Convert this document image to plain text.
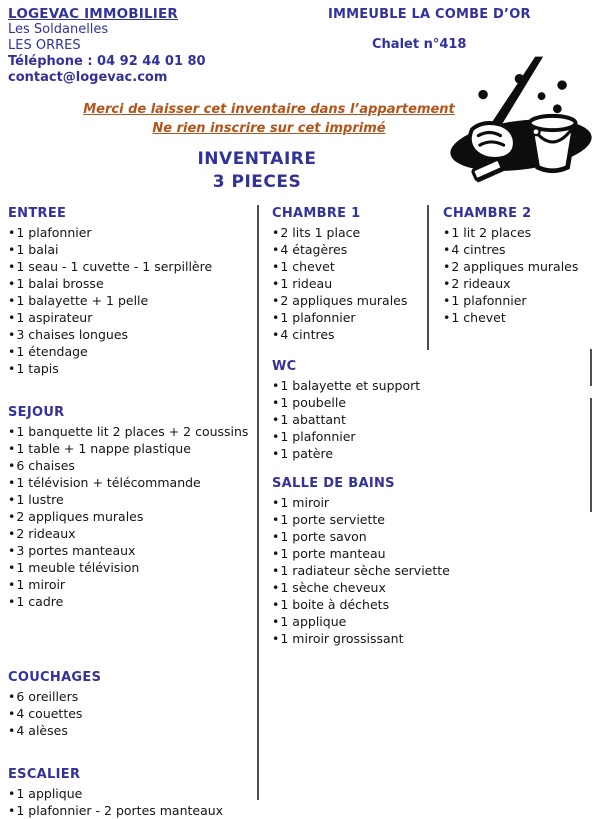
LOGEVAC IMMOBILIER
Les Soldanelles
LES ORRES
Téléphone : 04 92 44 01 80
contact@logevac.com
IMMEUBLE LA COMBE D’OR
Chalet n°418
Merci de laisser cet inventaire dans l’appartement
Ne rien inscrire sur cet imprimé
INVENTAIRE
3 PIECES
ENTREE
• 1 plafonnier
• 1 balai
• 1 seau - 1 cuvette - 1 serpillère
• 1 balai brosse
• 1 balayette + 1 pelle
• 1 aspirateur
• 3 chaises longues
• 1 étendage
• 1 tapis
SEJOUR
• 1 banquette lit 2 places + 2 coussins
• 1 table + 1 nappe plastique
• 6 chaises
• 1 télévision + télécommande
• 1 lustre
• 2 appliques murales
• 2 rideaux
• 3 portes manteaux
• 1 meuble télévision
• 1 miroir
• 1 cadre
COUCHAGES
• 6 oreillers
• 4 couettes
• 4 alèses
ESCALIER
• 1 applique
• 1 plafonnier - 2 portes manteaux
CHAMBRE 1
• 2 lits 1 place
• 4 étagères
• 1 chevet
• 1 rideau
• 2 appliques murales
• 1 plafonnier
• 4 cintres
WC
• 1 balayette et support
• 1 poubelle
• 1 abattant
• 1 plafonnier
• 1 patère
SALLE DE BAINS
• 1 miroir
• 1 porte serviette
• 1 porte savon
• 1 porte manteau
• 1 radiateur sèche serviette
• 1 sèche cheveux
• 1 boite à déchets
• 1 applique
• 1 miroir grossissant
CHAMBRE 2
• 1 lit 2 places
• 4 cintres
• 2 appliques murales
• 2 rideaux
• 1 plafonnier
• 1 chevet
